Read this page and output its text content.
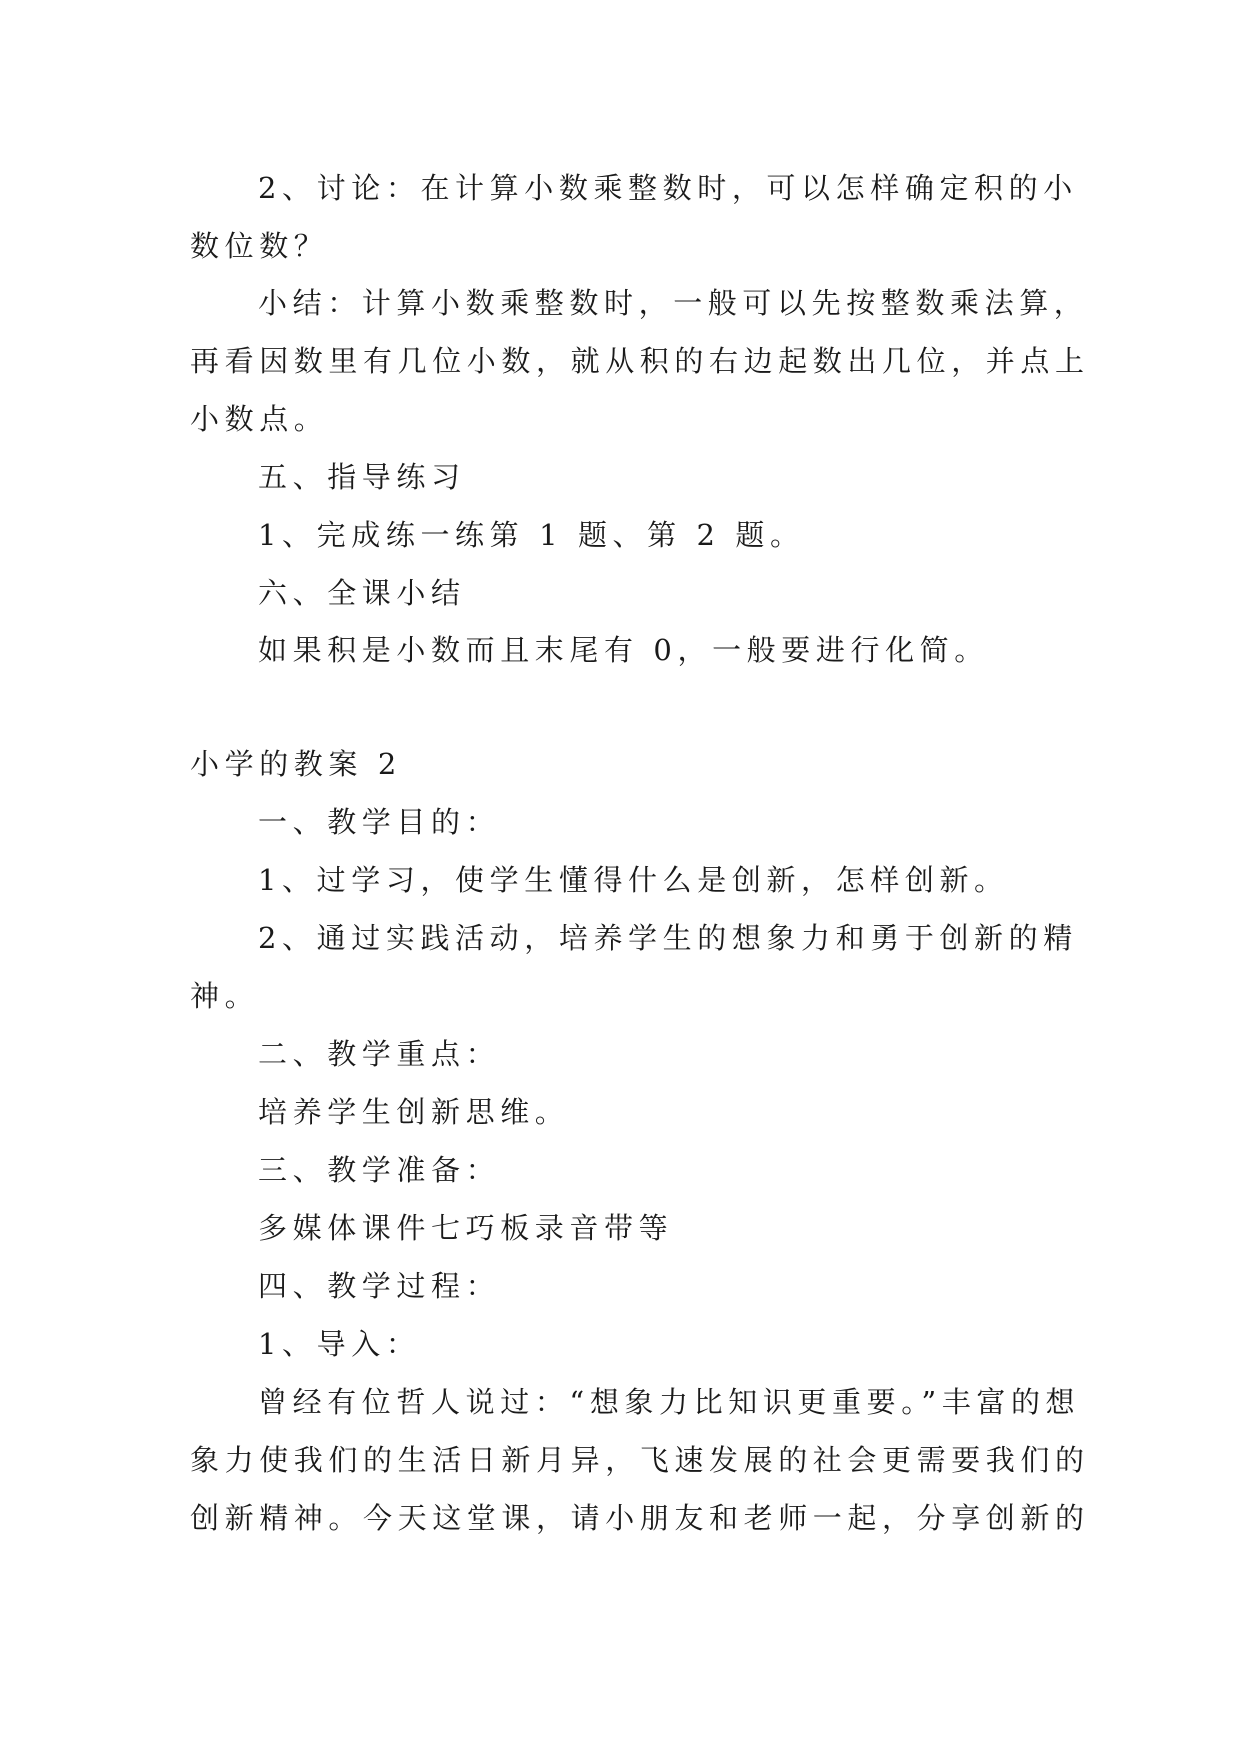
2、讨论：在计算小数乘整数时，可以怎样确定积的小
数位数？
小结：计算小数乘整数时，一般可以先按整数乘法算，
再看因数里有几位小数，就从积的右边起数出几位，并点上
小数点。
五、指导练习
1、完成练一练第 1 题、第 2 题。
六、全课小结
如果积是小数而且末尾有 0，一般要进行化简。
小学的教案 2
一、教学目的：
1、过学习，使学生懂得什么是创新，怎样创新。
2、通过实践活动，培养学生的想象力和勇于创新的精
神。
二、教学重点：
培养学生创新思维。
三、教学准备：
多媒体课件七巧板录音带等
四、教学过程：
1、导入：
曾经有位哲人说过：“想象力比知识更重要。”丰富的想
象力使我们的生活日新月异，飞速发展的社会更需要我们的
创新精神。今天这堂课，请小朋友和老师一起，分享创新的
